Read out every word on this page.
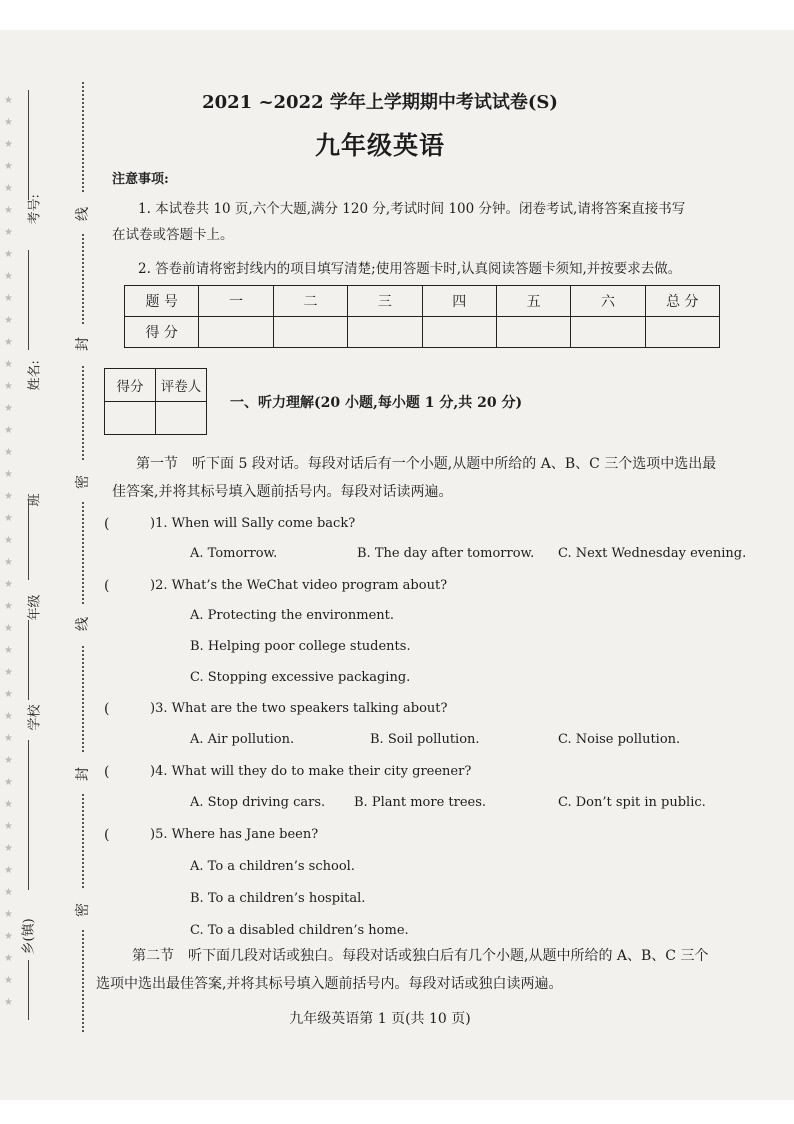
★
★
★
★
★
★
★
★
★
★
★
★
★
★
★
★
★
★
★
★
★
★
★
★
★
★
★
★
★
★
★
★
★
★
★
★
★
★
★
★
★
★
线
封
密
线
封
密
考号:
姓名:
班
年级
学校
乡(镇)
2021 ~2022 学年上学期期中考试试卷(S)
九年级英语
注意事项:
1. 本试卷共 10 页,六个大题,满分 120 分,考试时间 100 分钟。闭卷考试,请将答案直接书写
在试卷或答题卡上。
2. 答卷前请将密封线内的项目填写清楚;使用答题卡时,认真阅读答题卡须知,并按要求去做。
题 号	一	二	三	四	五	六	总 分
得 分							
得分	评卷人

一、听力理解(20 小题,每小题 1 分,共 20 分)
第一节　听下面 5 段对话。每段对话后有一个小题,从题中所给的 A、B、C 三个选项中选出最
佳答案,并将其标号填入题前括号内。每段对话读两遍。
(	)1. When will Sally come back?
A. Tomorrow.	B. The day after tomorrow. C. Next Wednesday evening.
(	)2. What’s the WeChat video program about?
A. Protecting the environment.
B. Helping poor college students.
C. Stopping excessive packaging.
(	)3. What are the two speakers talking about?
A. Air pollution.	B. Soil pollution.	C. Noise pollution.
(	)4. What will they do to make their city greener?
A. Stop driving cars. B. Plant more trees.	C. Don’t spit in public.
(	)5. Where has Jane been?
A. To a children’s school.
B. To a children’s hospital.
C. To a disabled children’s home.
第二节　听下面几段对话或独白。每段对话或独白后有几个小题,从题中所给的 A、B、C 三个
选项中选出最佳答案,并将其标号填入题前括号内。每段对话或独白读两遍。
九年级英语第 1 页(共 10 页)
